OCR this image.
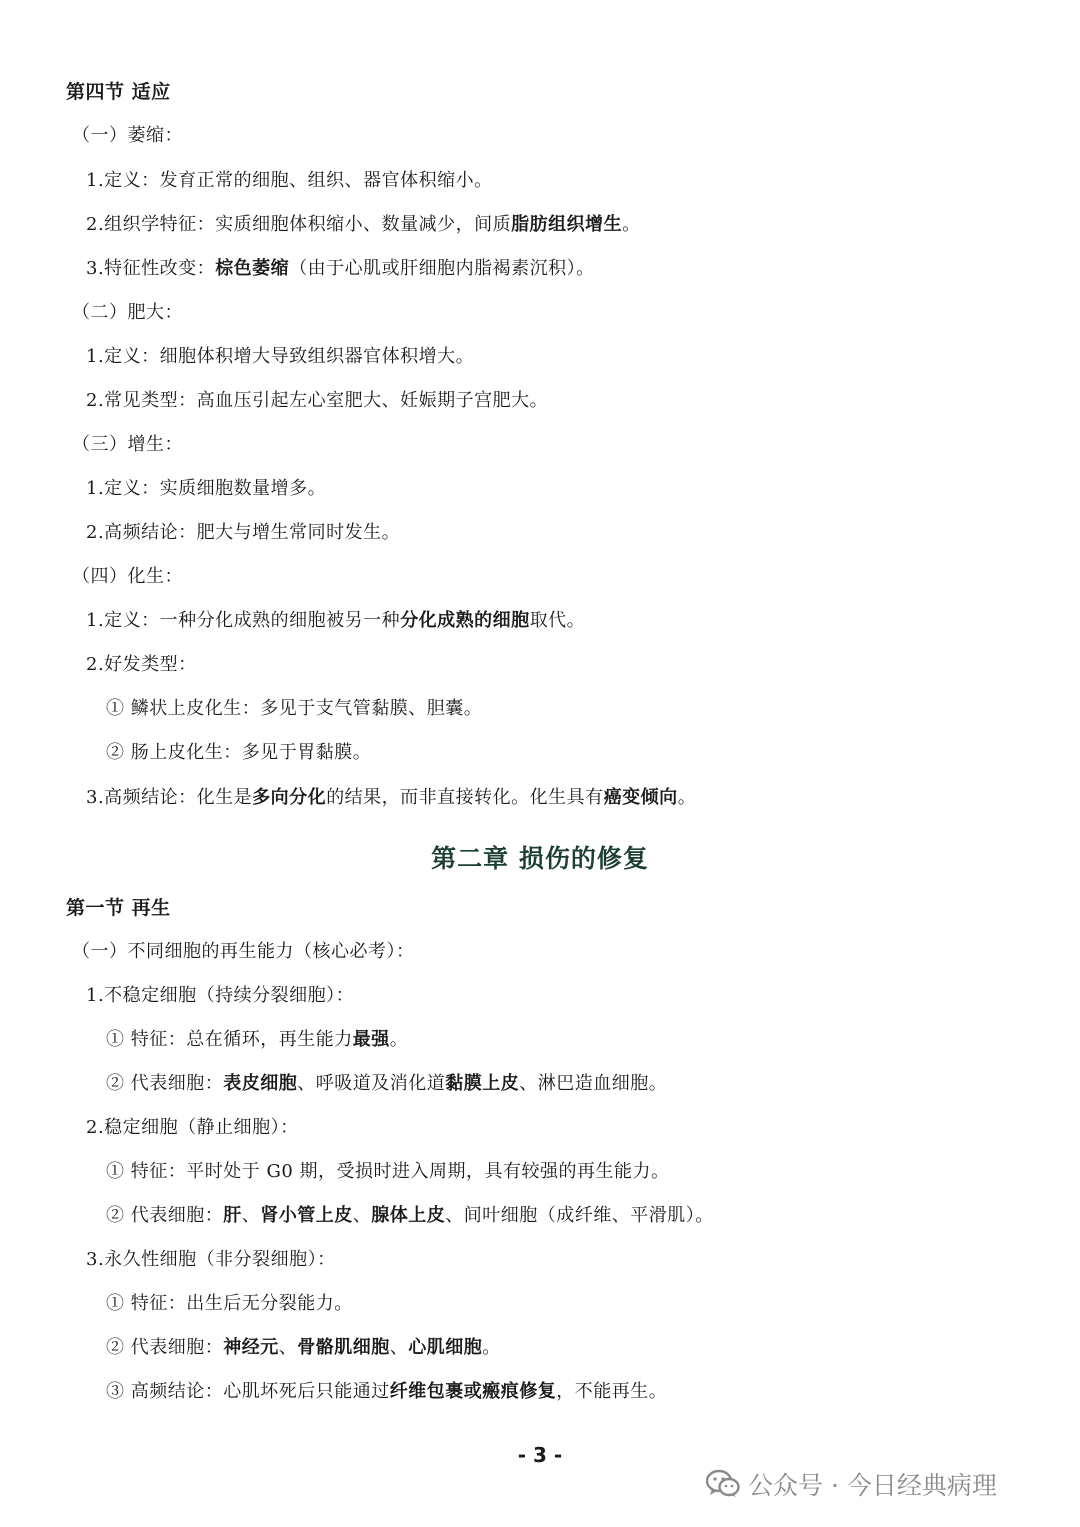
第四节 适应
（一）萎缩：
1.定义：发育正常的细胞、组织、器官体积缩小。
2.组织学特征：实质细胞体积缩小、数量减少，间质脂肪组织增生。
3.特征性改变：棕色萎缩（由于心肌或肝细胞内脂褐素沉积）。
（二）肥大：
1.定义：细胞体积增大导致组织器官体积增大。
2.常见类型：高血压引起左心室肥大、妊娠期子宫肥大。
（三）增生：
1.定义：实质细胞数量增多。
2.高频结论：肥大与增生常同时发生。
（四）化生：
1.定义：一种分化成熟的细胞被另一种分化成熟的细胞取代。
2.好发类型：
① 鳞状上皮化生：多见于支气管黏膜、胆囊。
② 肠上皮化生：多见于胃黏膜。
3.高频结论：化生是多向分化的结果，而非直接转化。化生具有癌变倾向。
第二章 损伤的修复
第一节 再生
（一）不同细胞的再生能力（核心必考）：
1.不稳定细胞（持续分裂细胞）：
① 特征：总在循环，再生能力最强。
② 代表细胞：表皮细胞、呼吸道及消化道黏膜上皮、淋巴造血细胞。
2.稳定细胞（静止细胞）：
① 特征：平时处于 G0 期，受损时进入周期，具有较强的再生能力。
② 代表细胞：肝、肾小管上皮、腺体上皮、间叶细胞（成纤维、平滑肌）。
3.永久性细胞（非分裂细胞）：
① 特征：出生后无分裂能力。
② 代表细胞：神经元、骨骼肌细胞、心肌细胞。
③ 高频结论：心肌坏死后只能通过纤维包裹或瘢痕修复，不能再生。
- 3 -
公众号 · 今日经典病理
